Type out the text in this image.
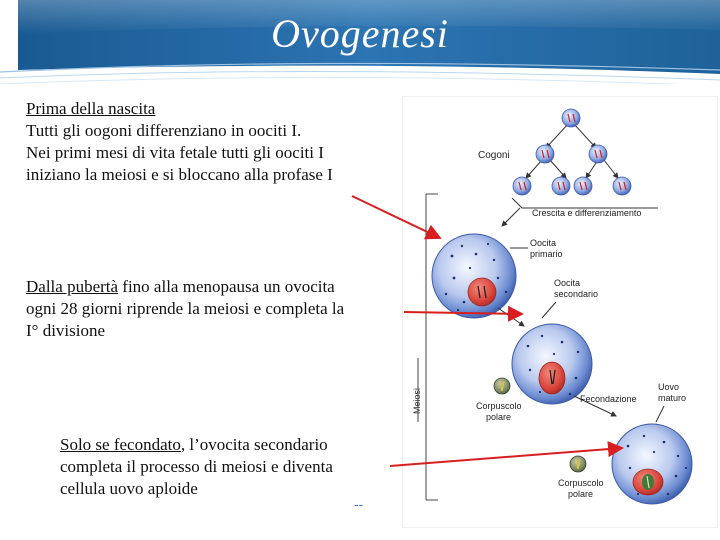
Ovogenesi
Prima della nascita
Tutti gli oogoni differenziano in oociti I.
Nei primi mesi di vita fetale tutti gli oociti I
iniziano la meiosi e si bloccano alla profase I
Dalla pubertà fino alla menopausa un ovocita
ogni 28 giorni riprende la meiosi e completa la
I° divisione
Solo se fecondato, l’ovocita secondario
completa il processo di meiosi e diventa
cellula uovo aploide
--
Meiosi
Cogoni
Crescita e differenziamento
Oocita
primario
Oocita
secondario
Corpuscolo
polare
Fecondazione
Uovo
maturo
Corpuscolo
polare
